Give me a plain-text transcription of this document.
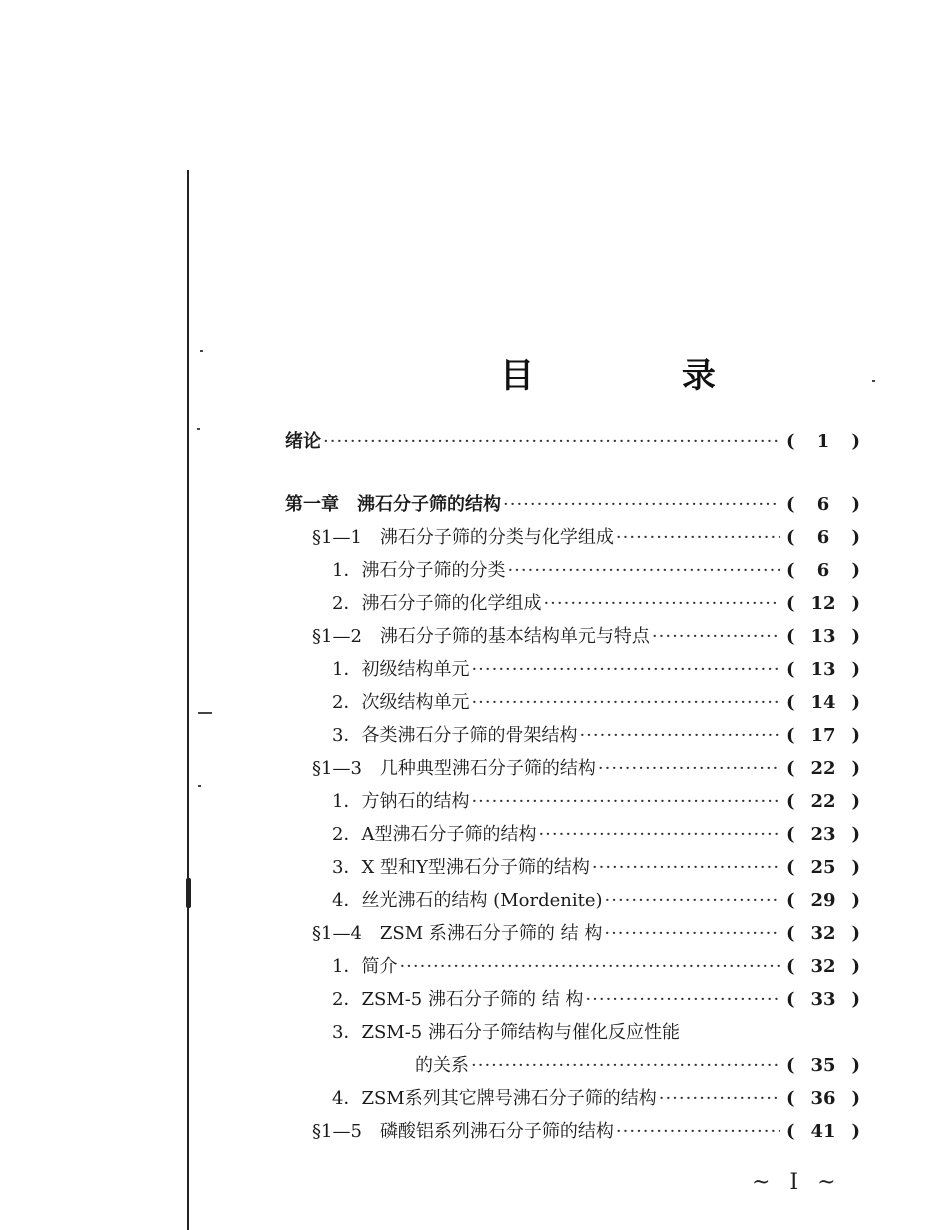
目 录
绪论 ·····	(	1	)
第一章　沸石分子筛的结构 ·····	(	6	)
§1—1　沸石分子筛的分类与化学组成 ·····	(	6	)
1．沸石分子筛的分类 ·····	(	6	)
2．沸石分子筛的化学组成 ·····	( 12 )
§1—2　沸石分子筛的基本结构单元与特点 ·····	( 13 )
1．初级结构单元 ·····	( 13 )
2．次级结构单元 ·····	( 14 )
3．各类沸石分子筛的骨架结构 ·····	( 17 )
§1—3　几种典型沸石分子筛的结构 ·····	( 22 )
1．方钠石的结构 ·····	( 22 )
2．A型沸石分子筛的结构 ·····	( 23 )
3．X 型和Y型沸石分子筛的结构 ·····	( 25 )
4．丝光沸石的结构 (Mordenite) ·····	( 29 )
§1—4　ZSM 系沸石分子筛的 结 构 ·····	( 32 )
1．简介 ·····	( 32 )
2．ZSM-5 沸石分子筛的 结 构 ·····	( 33 )
3．ZSM-5 沸石分子筛结构与催化反应性能
的关系 ·····	( 35 )
4．ZSM系列其它牌号沸石分子筛的结构 ·····	( 36 )
§1—5　磷酸铝系列沸石分子筛的结构 ·····	( 41 )
~ I ~
